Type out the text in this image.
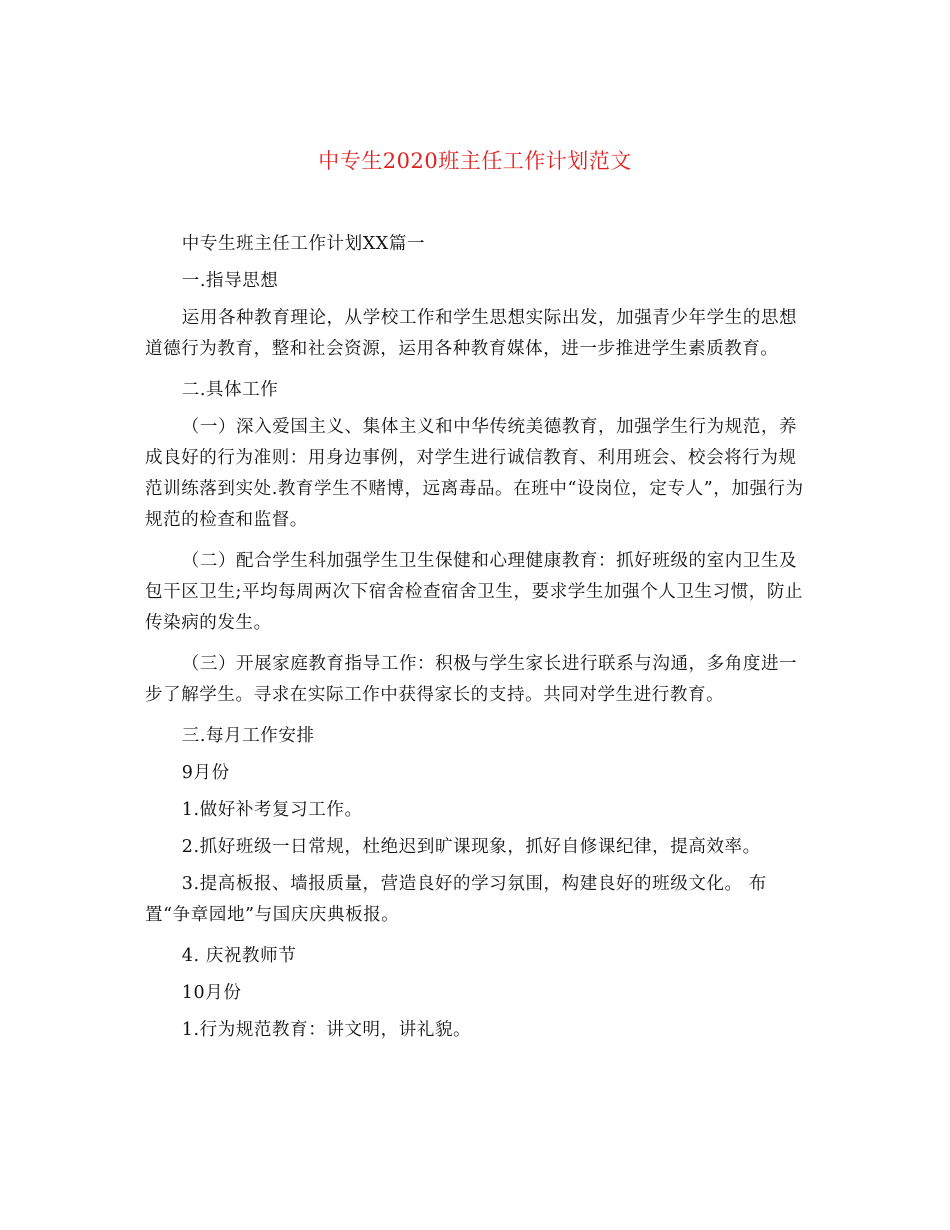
中专生2020班主任工作计划范文

中专生班主任工作计划XX篇一

一.指导思想

运用各种教育理论，从学校工作和学生思想实际出发，加强青少年学生的思想道德行为教育，整和社会资源，运用各种教育媒体，进一步推进学生素质教育。

二.具体工作

（一）深入爱国主义、集体主义和中华传统美德教育，加强学生行为规范，养成良好的行为准则：用身边事例，对学生进行诚信教育、利用班会、校会将行为规范训练落到实处.教育学生不赌博，远离毒品。在班中“设岗位，定专人”，加强行为规范的检查和监督。

（二）配合学生科加强学生卫生保健和心理健康教育：抓好班级的室内卫生及包干区卫生;平均每周两次下宿舍检查宿舍卫生，要求学生加强个人卫生习惯，防止传染病的发生。

（三）开展家庭教育指导工作：积极与学生家长进行联系与沟通，多角度进一步了解学生。寻求在实际工作中获得家长的支持。共同对学生进行教育。

三.每月工作安排

9月份

1.做好补考复习工作。

2.抓好班级一日常规，杜绝迟到旷课现象，抓好自修课纪律，提高效率。

3.提高板报、墙报质量，营造良好的学习氛围，构建良好的班级文化。 布置“争章园地”与国庆庆典板报。

4. 庆祝教师节

10月份

1.行为规范教育：讲文明，讲礼貌。
